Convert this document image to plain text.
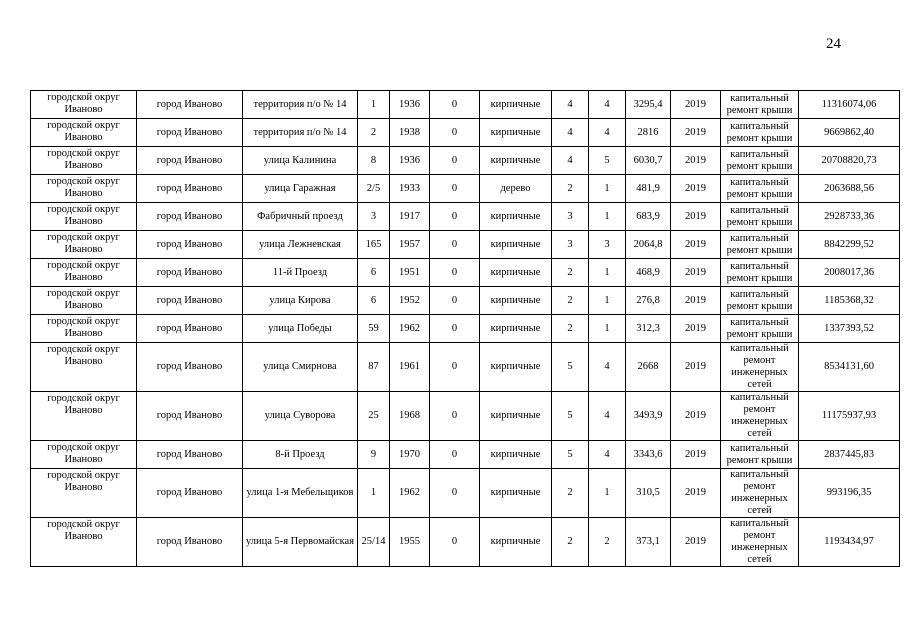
24
городской округ Иваново	город Иваново	территория п/о № 14	1	1936	0	кирпичные	4	4	3295,4	2019	капитальный ремонт крыши	11316074,06
городской округ Иваново	город Иваново	территория п/о № 14	2	1938	0	кирпичные	4	4	2816	2019	капитальный ремонт крыши	9669862,40
городской округ Иваново	город Иваново	улица Калинина	8	1936	0	кирпичные	4	5	6030,7	2019	капитальный ремонт крыши	20708820,73
городской округ Иваново	город Иваново	улица Гаражная	2/5	1933	0	дерево	2	1	481,9	2019	капитальный ремонт крыши	2063688,56
городской округ Иваново	город Иваново	Фабричный проезд	3	1917	0	кирпичные	3	1	683,9	2019	капитальный ремонт крыши	2928733,36
городской округ Иваново	город Иваново	улица Лежневская	165	1957	0	кирпичные	3	3	2064,8	2019	капитальный ремонт крыши	8842299,52
городской округ Иваново	город Иваново	11-й Проезд	6	1951	0	кирпичные	2	1	468,9	2019	капитальный ремонт крыши	2008017,36
городской округ Иваново	город Иваново	улица Кирова	6	1952	0	кирпичные	2	1	276,8	2019	капитальный ремонт крыши	1185368,32
городской округ Иваново	город Иваново	улица Победы	59	1962	0	кирпичные	2	1	312,3	2019	капитальный ремонт крыши	1337393,52
городской округ Иваново	город Иваново	улица Смирнова	87	1961	0	кирпичные	5	4	2668	2019	капитальный ремонт инженерных сетей	8534131,60
городской округ Иваново	город Иваново	улица Суворова	25	1968	0	кирпичные	5	4	3493,9	2019	капитальный ремонт инженерных сетей	11175937,93
городской округ Иваново	город Иваново	8-й Проезд	9	1970	0	кирпичные	5	4	3343,6	2019	капитальный ремонт крыши	2837445,83
городской округ Иваново	город Иваново	улица 1-я Мебельщиков	1	1962	0	кирпичные	2	1	310,5	2019	капитальный ремонт инженерных сетей	993196,35
городской округ Иваново	город Иваново	улица 5-я Первомайская	25/14	1955	0	кирпичные	2	2	373,1	2019	капитальный ремонт инженерных сетей	1193434,97
